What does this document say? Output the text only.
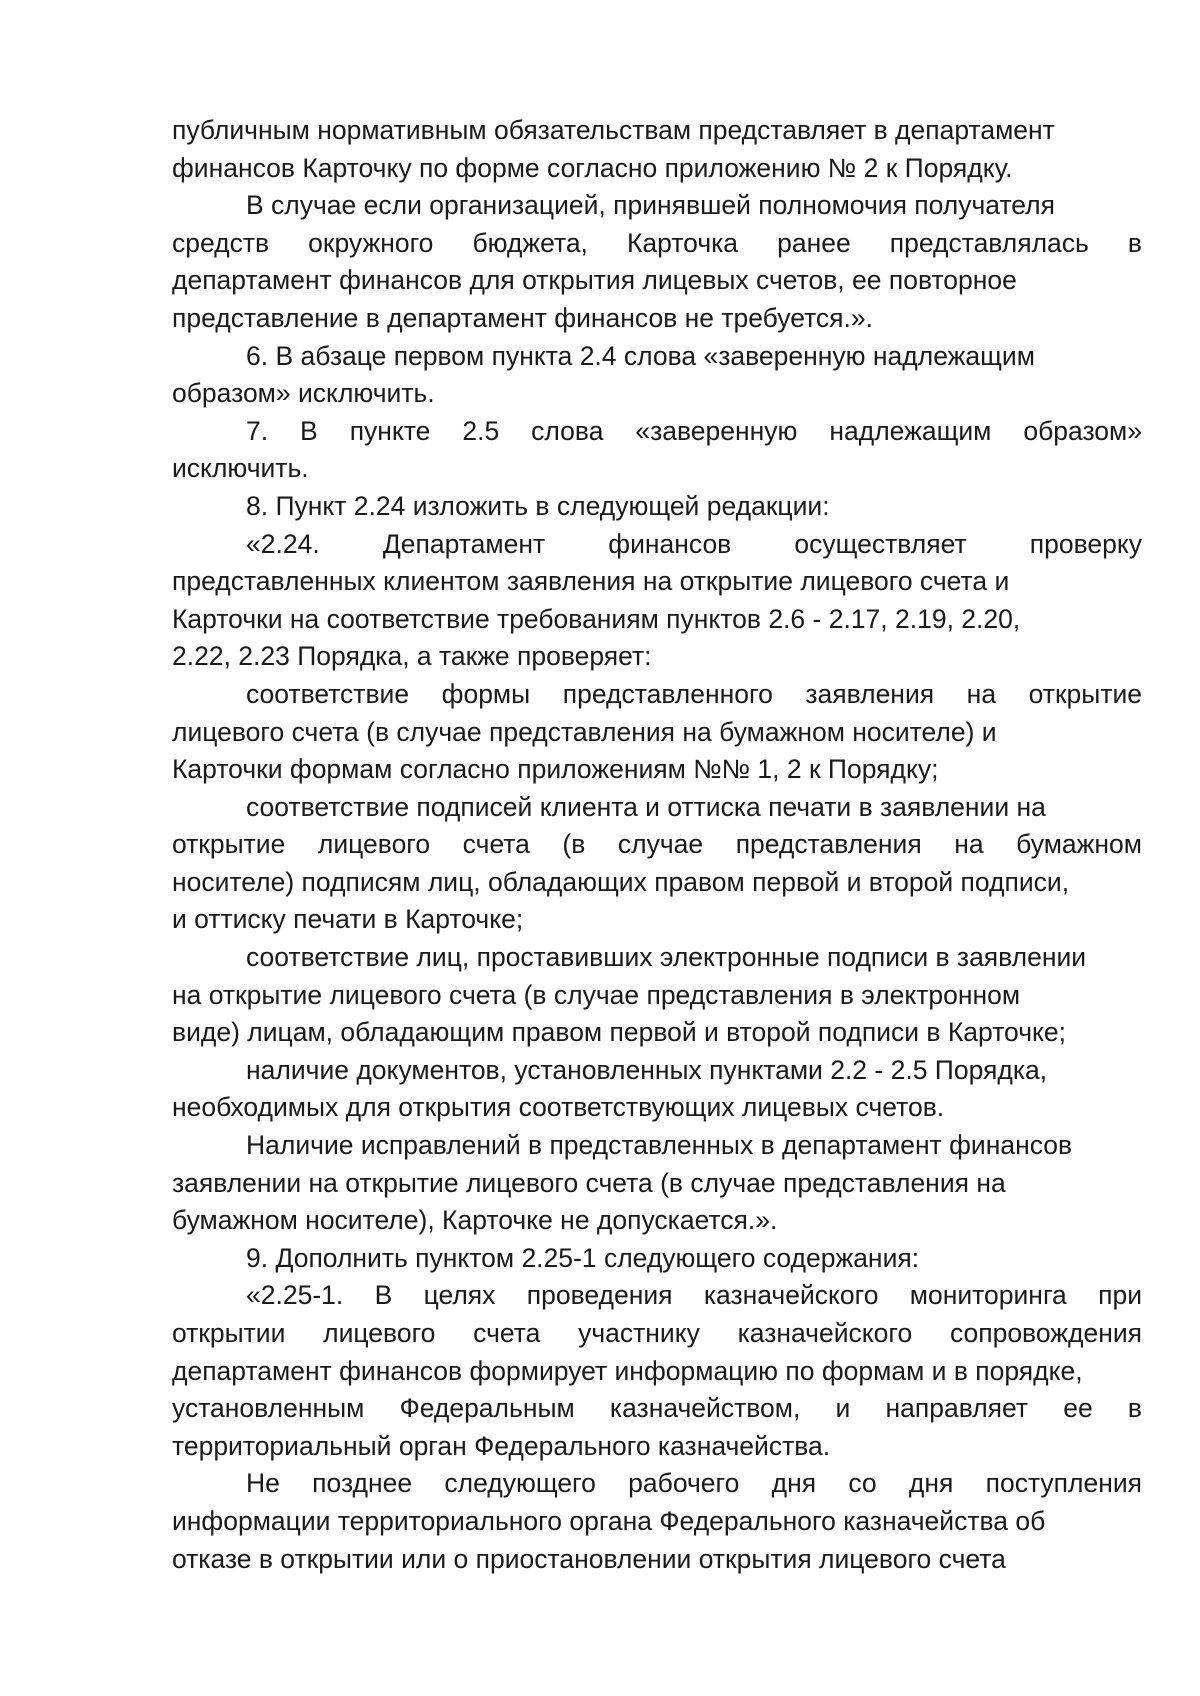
публичным нормативным обязательствам представляет в департамент
финансов Карточку по форме согласно приложению № 2 к Порядку.
В случае если организацией, принявшей полномочия получателя
средств окружного бюджета, Карточка ранее представлялась в
департамент финансов для открытия лицевых счетов, ее повторное
представление в департамент финансов не требуется.».
6. В абзаце первом пункта 2.4 слова «заверенную надлежащим
образом» исключить.
7. В пункте 2.5 слова «заверенную надлежащим образом»
исключить.
8. Пункт 2.24 изложить в следующей редакции:
«2.24. Департамент финансов осуществляет проверку
представленных клиентом заявления на открытие лицевого счета и
Карточки на соответствие требованиям пунктов 2.6 - 2.17, 2.19, 2.20,
2.22, 2.23 Порядка, а также проверяет:
соответствие формы представленного заявления на открытие
лицевого счета (в случае представления на бумажном носителе) и
Карточки формам согласно приложениям №№ 1, 2 к Порядку;
соответствие подписей клиента и оттиска печати в заявлении на
открытие лицевого счета (в случае представления на бумажном
носителе) подписям лиц, обладающих правом первой и второй подписи,
и оттиску печати в Карточке;
соответствие лиц, проставивших электронные подписи в заявлении
на открытие лицевого счета (в случае представления в электронном
виде) лицам, обладающим правом первой и второй подписи в Карточке;
наличие документов, установленных пунктами 2.2 - 2.5 Порядка,
необходимых для открытия соответствующих лицевых счетов.
Наличие исправлений в представленных в департамент финансов
заявлении на открытие лицевого счета (в случае представления на
бумажном носителе), Карточке не допускается.».
9. Дополнить пунктом 2.25-1 следующего содержания:
«2.25-1. В целях проведения казначейского мониторинга при
открытии лицевого счета участнику казначейского сопровождения
департамент финансов формирует информацию по формам и в порядке,
установленным Федеральным казначейством, и направляет ее в
территориальный орган Федерального казначейства.
Не позднее следующего рабочего дня со дня поступления
информации территориального органа Федерального казначейства об
отказе в открытии или о приостановлении открытия лицевого счета
